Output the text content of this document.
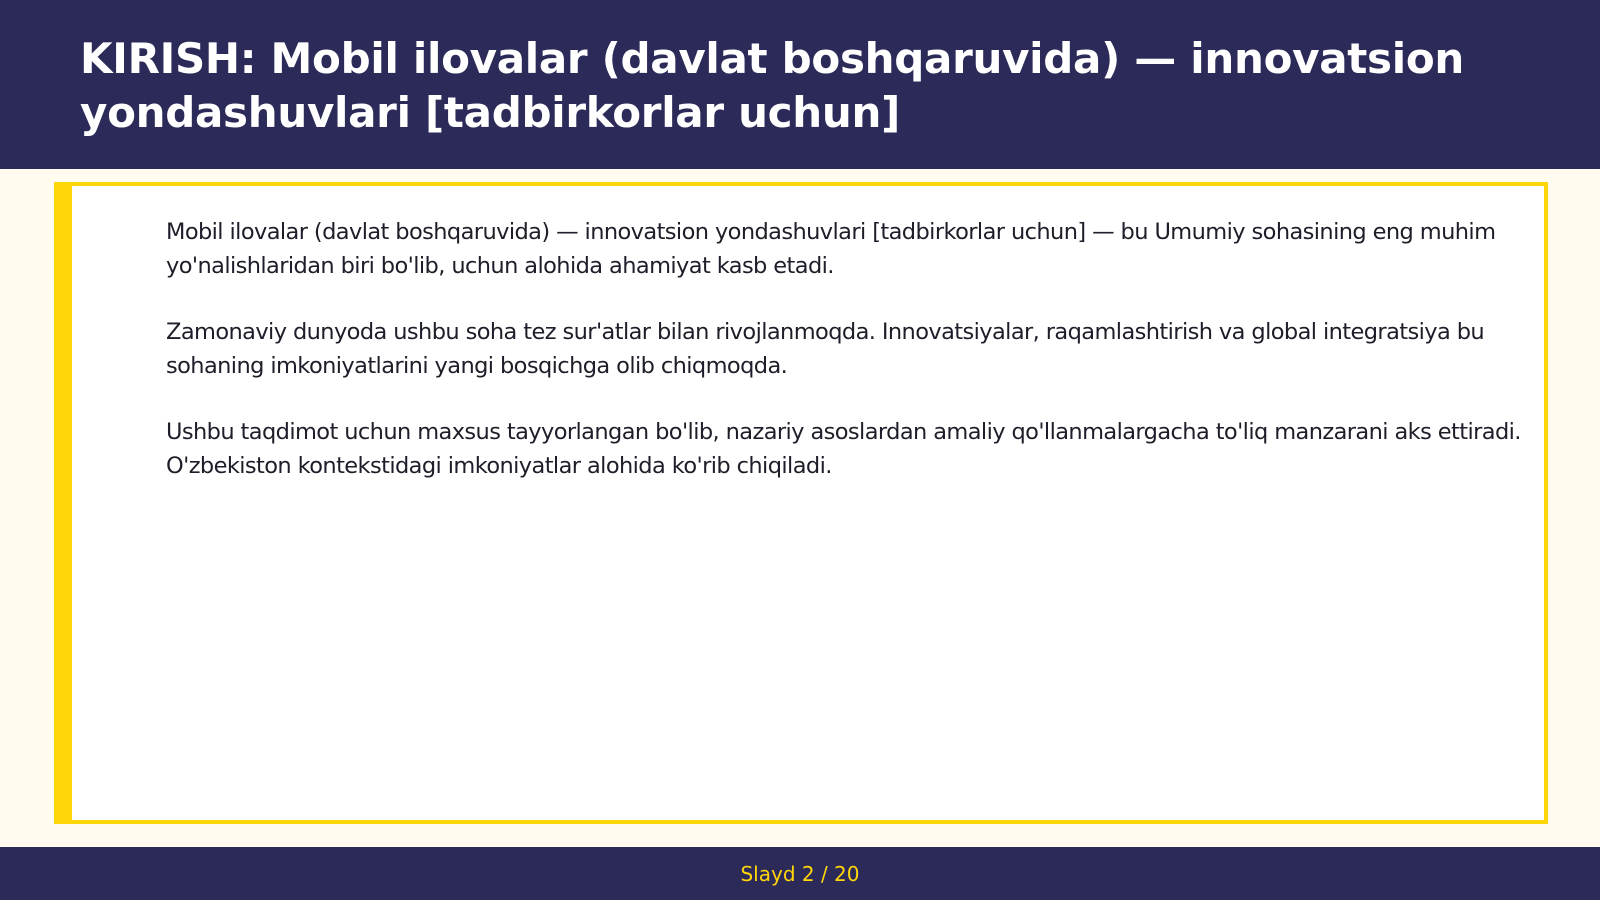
KIRISH: Mobil ilovalar (davlat boshqaruvida) — innovatsion yondashuvlari [tadbirkorlar uchun]

Mobil ilovalar (davlat boshqaruvida) — innovatsion yondashuvlari [tadbirkorlar uchun] — bu Umumiy sohasining eng muhim yo'nalishlaridan biri bo'lib, uchun alohida ahamiyat kasb etadi.

Zamonaviy dunyoda ushbu soha tez sur'atlar bilan rivojlanmoqda. Innovatsiyalar, raqamlashtirish va global integratsiya bu sohaning imkoniyatlarini yangi bosqichga olib chiqmoqda.

Ushbu taqdimot uchun maxsus tayyorlangan bo'lib, nazariy asoslardan amaliy qo'llanmalargacha to'liq manzarani aks ettiradi. O'zbekiston kontekstidagi imkoniyatlar alohida ko'rib chiqiladi.

Slayd 2 / 20
